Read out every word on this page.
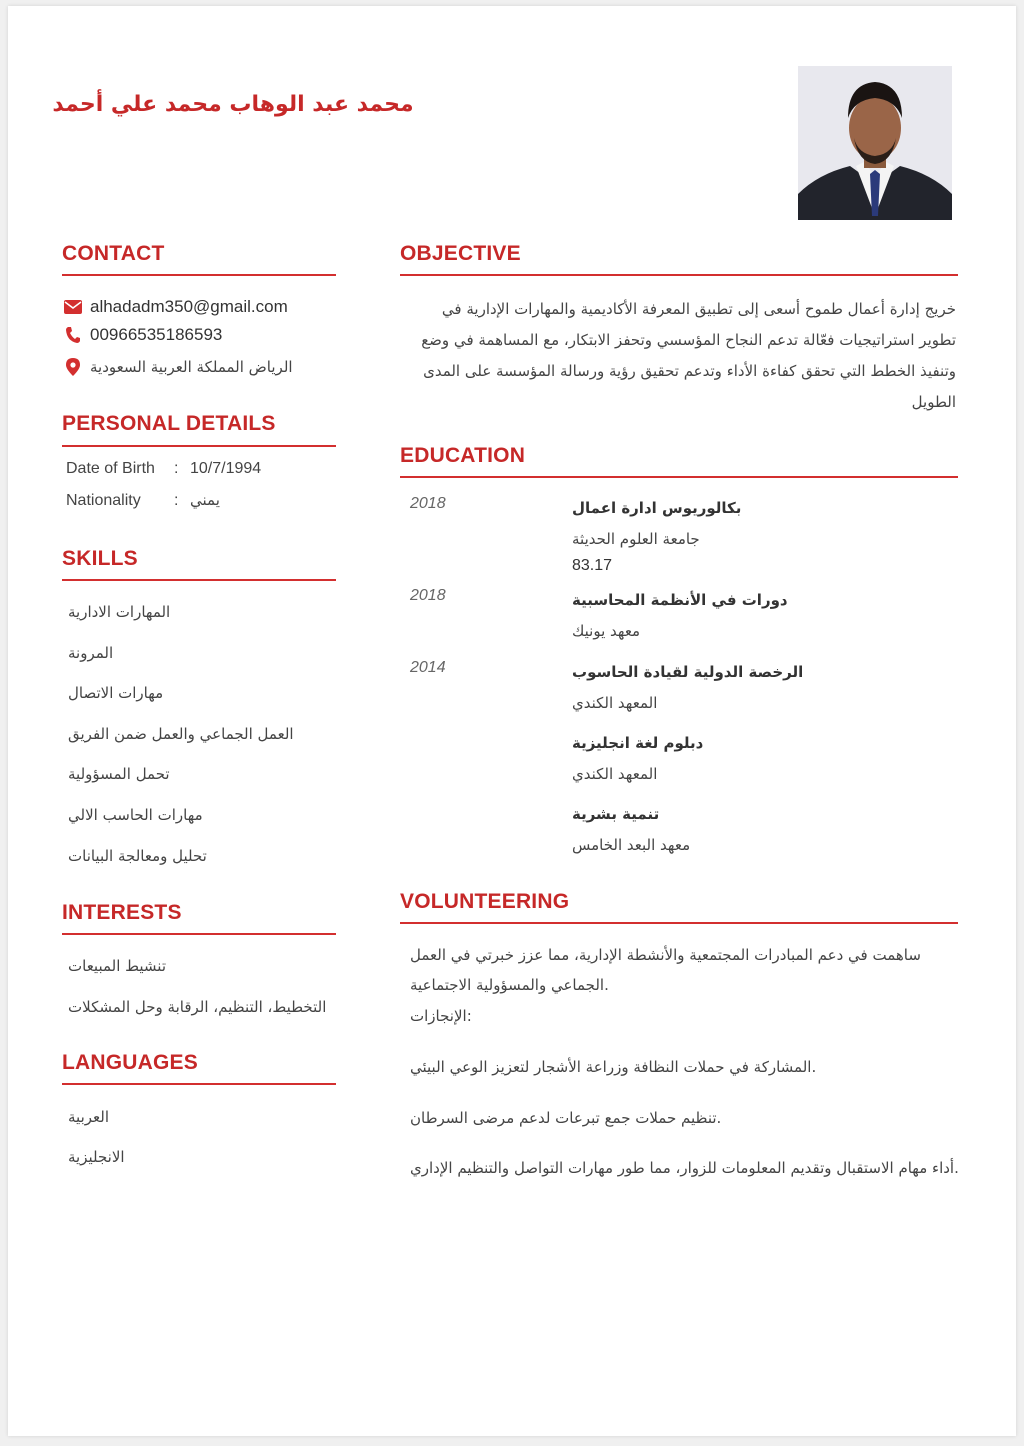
محمد عبد الوهاب محمد علي أحمد
CONTACT
alhadadm350@gmail.com
00966535186593
الرياض المملكة العربية السعودية
PERSONAL DETAILS
Date of Birth : 10/7/1994
Nationality : يمني
SKILLS
المهارات الادارية
المرونة
مهارات الاتصال
العمل الجماعي والعمل ضمن الفريق
تحمل المسؤولية
مهارات الحاسب الالي
تحليل ومعالجة البيانات
INTERESTS
تنشيط المبيعات
التخطيط، التنظيم، الرقابة وحل المشكلات
LANGUAGES
العربية
الانجليزية
OBJECTIVE
خريج إدارة أعمال طموح أسعى إلى تطبيق المعرفة الأكاديمية والمهارات الإدارية في
تطوير استراتيجيات فعّالة تدعم النجاح المؤسسي وتحفز الابتكار، مع المساهمة في وضع
وتنفيذ الخطط التي تحقق كفاءة الأداء وتدعم تحقيق رؤية ورسالة المؤسسة على المدى
الطويل
EDUCATION
2018	بكالوريوس ادارة اعمال
جامعة العلوم الحديثة
83.17
2018	دورات في الأنظمة المحاسبية
معهد يونيك
2014	الرخصة الدولية لقيادة الحاسوب
المعهد الكندي
دبلوم لغة انجليزية
المعهد الكندي
تنمية بشرية
معهد البعد الخامس
VOLUNTEERING
ساهمت في دعم المبادرات المجتمعية والأنشطة الإدارية، مما عزز خبرتي في العمل
الجماعي والمسؤولية الاجتماعية.
الإنجازات:
المشاركة في حملات النظافة وزراعة الأشجار لتعزيز الوعي البيئي.
تنظيم حملات جمع تبرعات لدعم مرضى السرطان.
أداء مهام الاستقبال وتقديم المعلومات للزوار، مما طور مهارات التواصل والتنظيم الإداري.
